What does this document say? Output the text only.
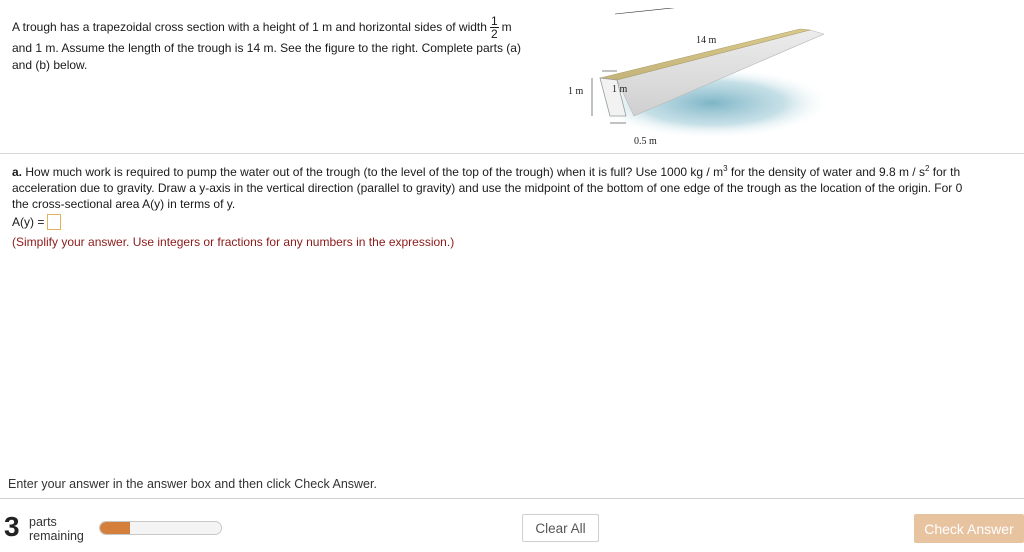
A trough has a trapezoidal cross section with a height of 1 m and horizontal sides of width $\frac{1}{2}$ m
and 1 m. Assume the length of the trough is 14 m. See the figure to the right. Complete parts (a)
and (b) below.
14 m
1 m	1 m
0.5 m
a. How much work is required to pump the water out of the trough (to the level of the top of the trough) when it is full? Use 1000 kg / $m^3$ for the density of water and 9.8 m / $s^2$ for th
acceleration due to gravity. Draw a y-axis in the vertical direction (parallel to gravity) and use the midpoint of the bottom of one edge of the trough as the location of the origin. For 0
the cross-sectional area A(y) in terms of y.
A(y) =
(Simplify your answer. Use integers or fractions for any numbers in the expression.)
Enter your answer in the answer box and then click Check Answer.
3 parts
remaining
Clear All	Check Answer
